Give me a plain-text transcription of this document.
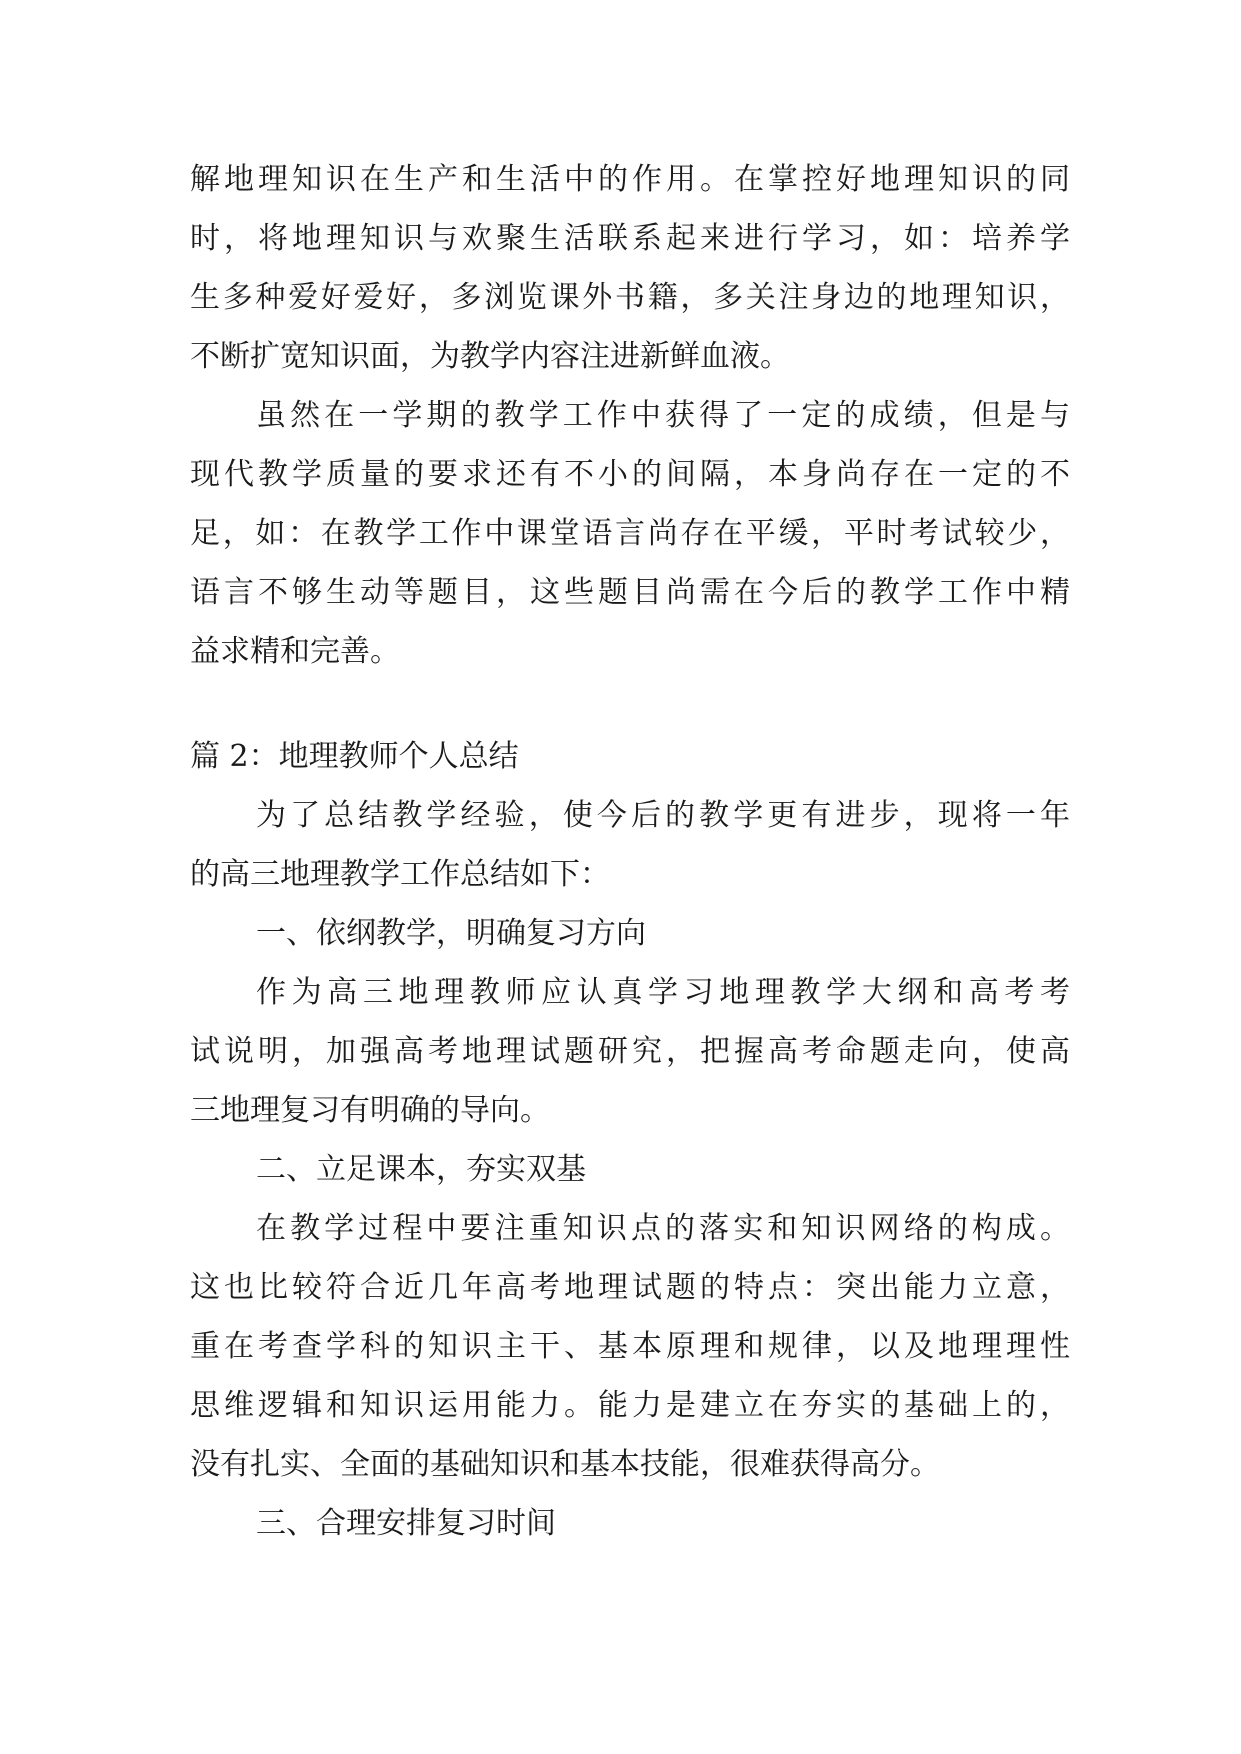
解地理知识在生产和生活中的作用。在掌控好地理知识的同
时，将地理知识与欢聚生活联系起来进行学习，如：培养学
生多种爱好爱好，多浏览课外书籍，多关注身边的地理知识，
不断扩宽知识面，为教学内容注进新鲜血液。
虽然在一学期的教学工作中获得了一定的成绩，但是与
现代教学质量的要求还有不小的间隔，本身尚存在一定的不
足，如：在教学工作中课堂语言尚存在平缓，平时考试较少，
语言不够生动等题目，这些题目尚需在今后的教学工作中精
益求精和完善。
篇 2：地理教师个人总结
为了总结教学经验，使今后的教学更有进步，现将一年
的高三地理教学工作总结如下：
一、依纲教学，明确复习方向
作为高三地理教师应认真学习地理教学大纲和高考考
试说明，加强高考地理试题研究，把握高考命题走向，使高
三地理复习有明确的导向。
二、立足课本，夯实双基
在教学过程中要注重知识点的落实和知识网络的构成。
这也比较符合近几年高考地理试题的特点：突出能力立意，
重在考查学科的知识主干、基本原理和规律，以及地理理性
思维逻辑和知识运用能力。能力是建立在夯实的基础上的，
没有扎实、全面的基础知识和基本技能，很难获得高分。
三、合理安排复习时间
